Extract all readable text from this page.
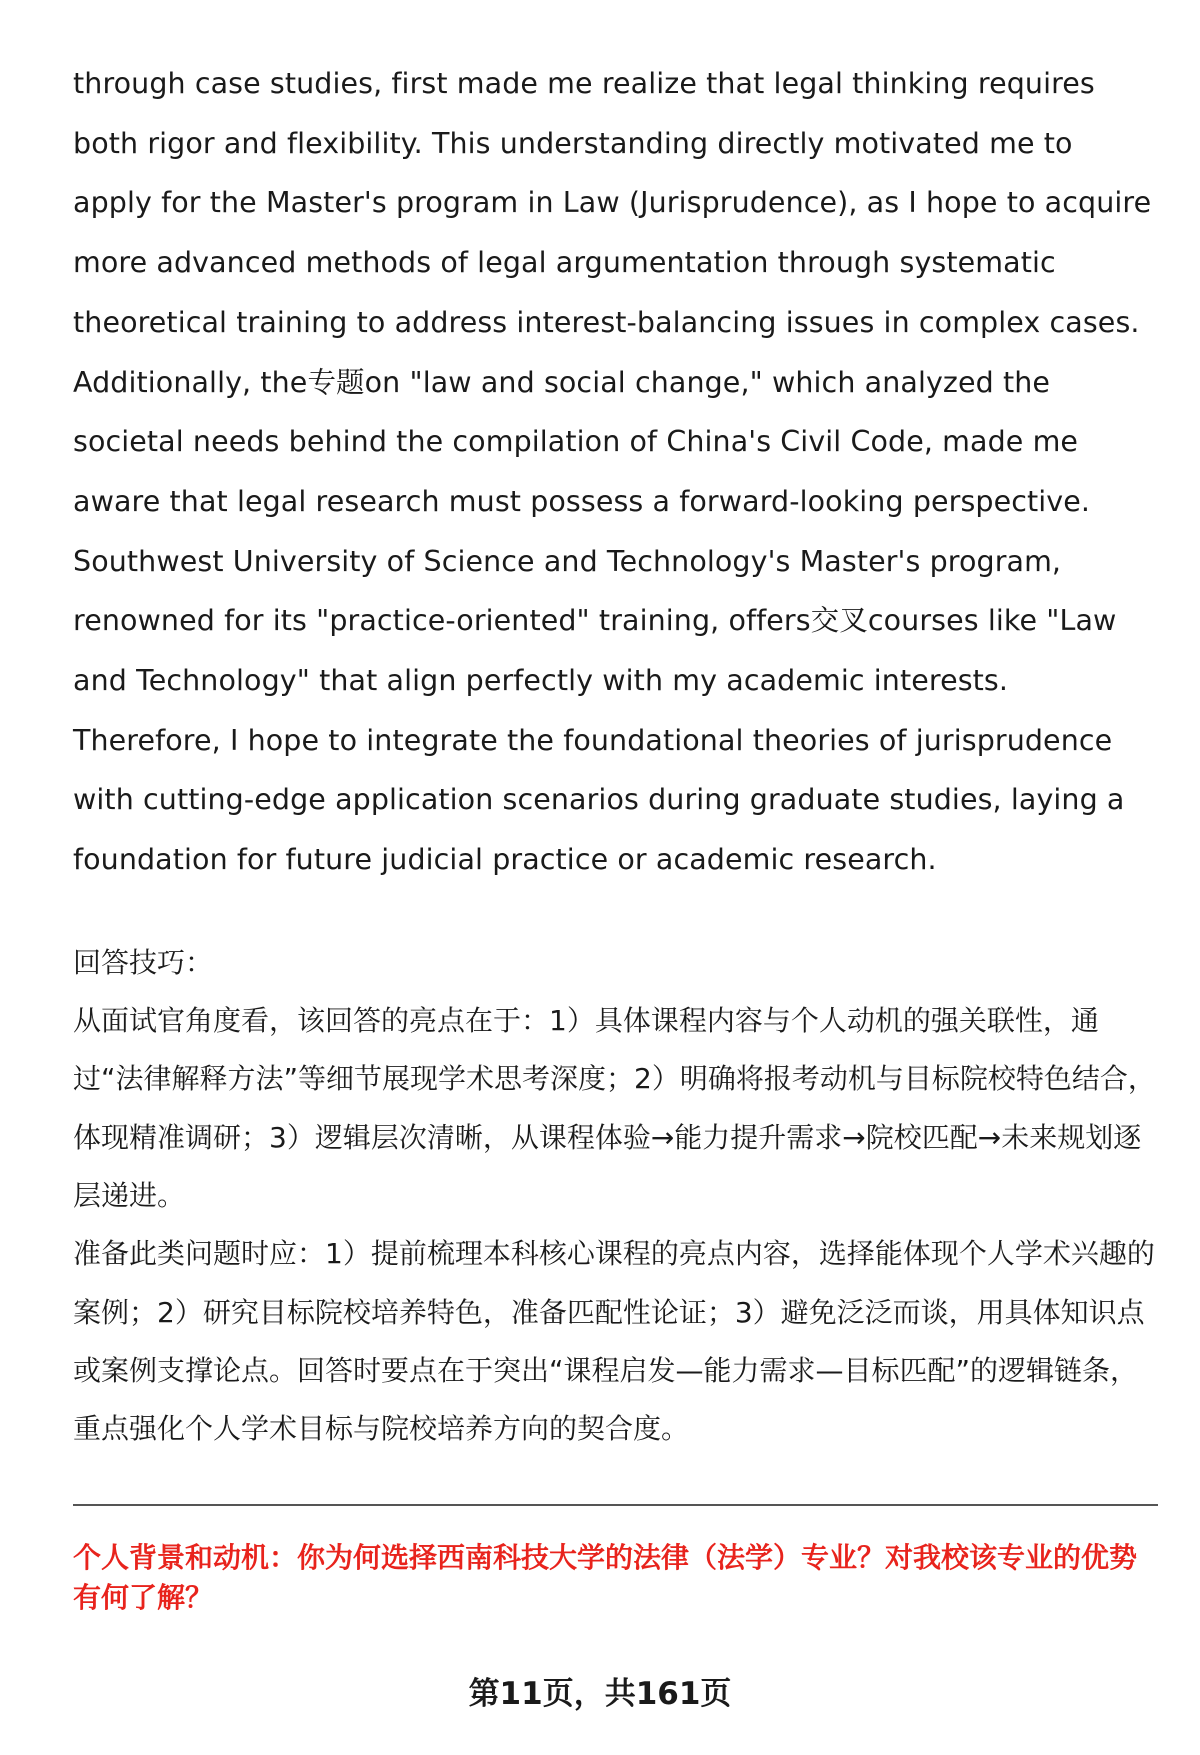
through case studies, first made me realize that legal thinking requires both rigor and flexibility. This understanding directly motivated me to apply for the Master's program in Law (Jurisprudence), as I hope to acquire more advanced methods of legal argumentation through systematic theoretical training to address interest-balancing issues in complex cases. Additionally, the专题on "law and social change," which analyzed the societal needs behind the compilation of China's Civil Code, made me aware that legal research must possess a forward-looking perspective. Southwest University of Science and Technology's Master's program, renowned for its "practice-oriented" training, offers交叉courses like "Law and Technology" that align perfectly with my academic interests. Therefore, I hope to integrate the foundational theories of jurisprudence with cutting-edge application scenarios during graduate studies, laying a foundation for future judicial practice or academic research.

回答技巧：

从面试官角度看，该回答的亮点在于：1）具体课程内容与个人动机的强关联性，通过“法律解释方法”等细节展现学术思考深度；2）明确将报考动机与目标院校特色结合，体现精准调研；3）逻辑层次清晰，从课程体验→能力提升需求→院校匹配→未来规划逐层递进。

准备此类问题时应：1）提前梳理本科核心课程的亮点内容，选择能体现个人学术兴趣的案例；2）研究目标院校培养特色，准备匹配性论证；3）避免泛泛而谈，用具体知识点或案例支撑论点。回答时要点在于突出“课程启发—能力需求—目标匹配”的逻辑链条，重点强化个人学术目标与院校培养方向的契合度。

个人背景和动机：你为何选择西南科技大学的法律（法学）专业？对我校该专业的优势有何了解？

第11页，共161页
